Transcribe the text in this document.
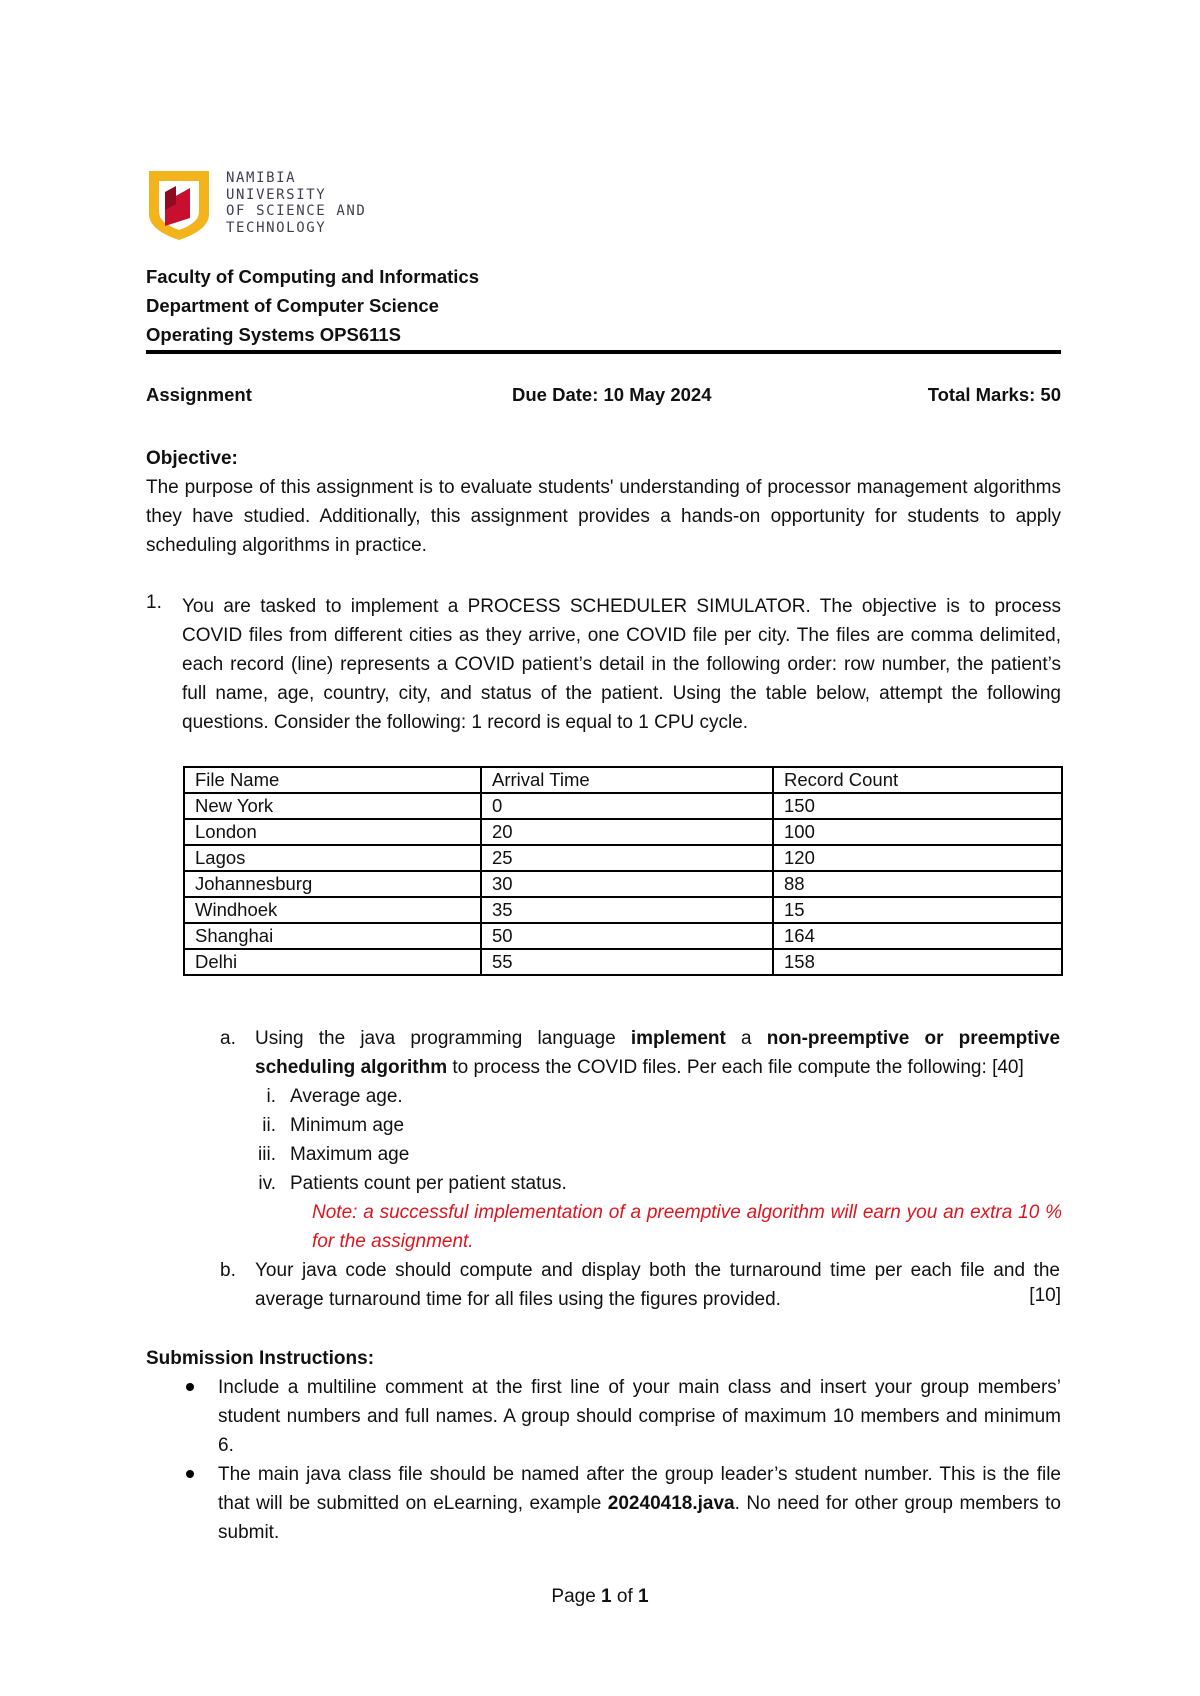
NAMIBIA
UNIVERSITY
OF SCIENCE AND
TECHNOLOGY
Faculty of Computing and Informatics
Department of Computer Science
Operating Systems OPS611S
Assignment	Due Date: 10 May 2024	Total Marks: 50
Objective:
The purpose of this assignment is to evaluate students' understanding of processor management algorithms they have studied. Additionally, this assignment provides a hands-on opportunity for students to apply scheduling algorithms in practice.
1. You are tasked to implement a PROCESS SCHEDULER SIMULATOR. The objective is to process COVID files from different cities as they arrive, one COVID file per city. The files are comma delimited, each record (line) represents a COVID patient’s detail in the following order: row number, the patient’s full name, age, country, city, and status of the patient. Using the table below, attempt the following questions. Consider the following: 1 record is equal to 1 CPU cycle.
File Name	Arrival Time	Record Count
New York	0	150
London	20	100
Lagos	25	120
Johannesburg	30	88
Windhoek	35	15
Shanghai	50	164
Delhi	55	158
a. Using the java programming language implement a non-preemptive or preemptive scheduling algorithm to process the COVID files. Per each file compute the following: [40]
i. Average age.
ii. Minimum age
iii. Maximum age
iv. Patients count per patient status.
Note: a successful implementation of a preemptive algorithm will earn you an extra 10 % for the assignment.
b. Your java code should compute and display both the turnaround time per each file and the average turnaround time for all files using the figures provided.	[10]
Submission Instructions:
Include a multiline comment at the first line of your main class and insert your group members’ student numbers and full names. A group should comprise of maximum 10 members and minimum 6.
The main java class file should be named after the group leader’s student number. This is the file that will be submitted on eLearning, example 20240418.java. No need for other group members to submit.
Page 1 of 1
